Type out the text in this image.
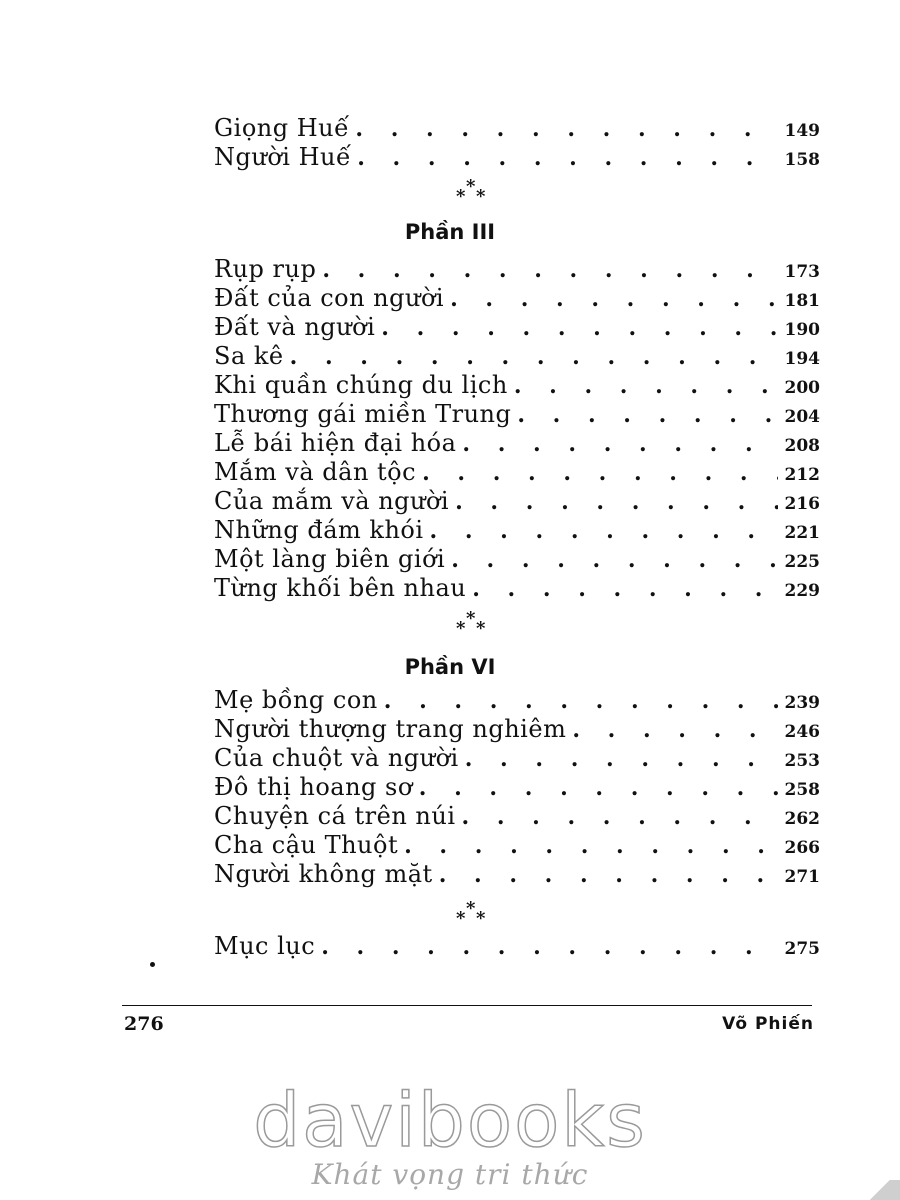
Giọng Huế . . .	149
Người Huế . . .	158
*
* *
Phần III
Rụp rụp . . .	173
Đất của con người . . .	181
Đất và người . . .	190
Sa kê . . .	194
Khi quần chúng du lịch . . .	200
Thương gái miền Trung . . .	204
Lễ bái hiện đại hóa . . .	208
Mắm và dân tộc . . .	212
Của mắm và người . . .	216
Những đám khói . . .	221
Một làng biên giới . . .	225
Từng khối bên nhau . . .	229
*
* *
Phần VI
Mẹ bồng con . . .	239
Người thượng trang nghiêm . . .	246
Của chuột và người . . .	253
Đô thị hoang sơ . . .	258
Chuyện cá trên núi . . .	262
Cha cậu Thuột . . .	266
Người không mặt . . .	271
*
* *
Mục lục . . .	275
276	Võ Phiến
davibooks
Khát vọng tri thức
